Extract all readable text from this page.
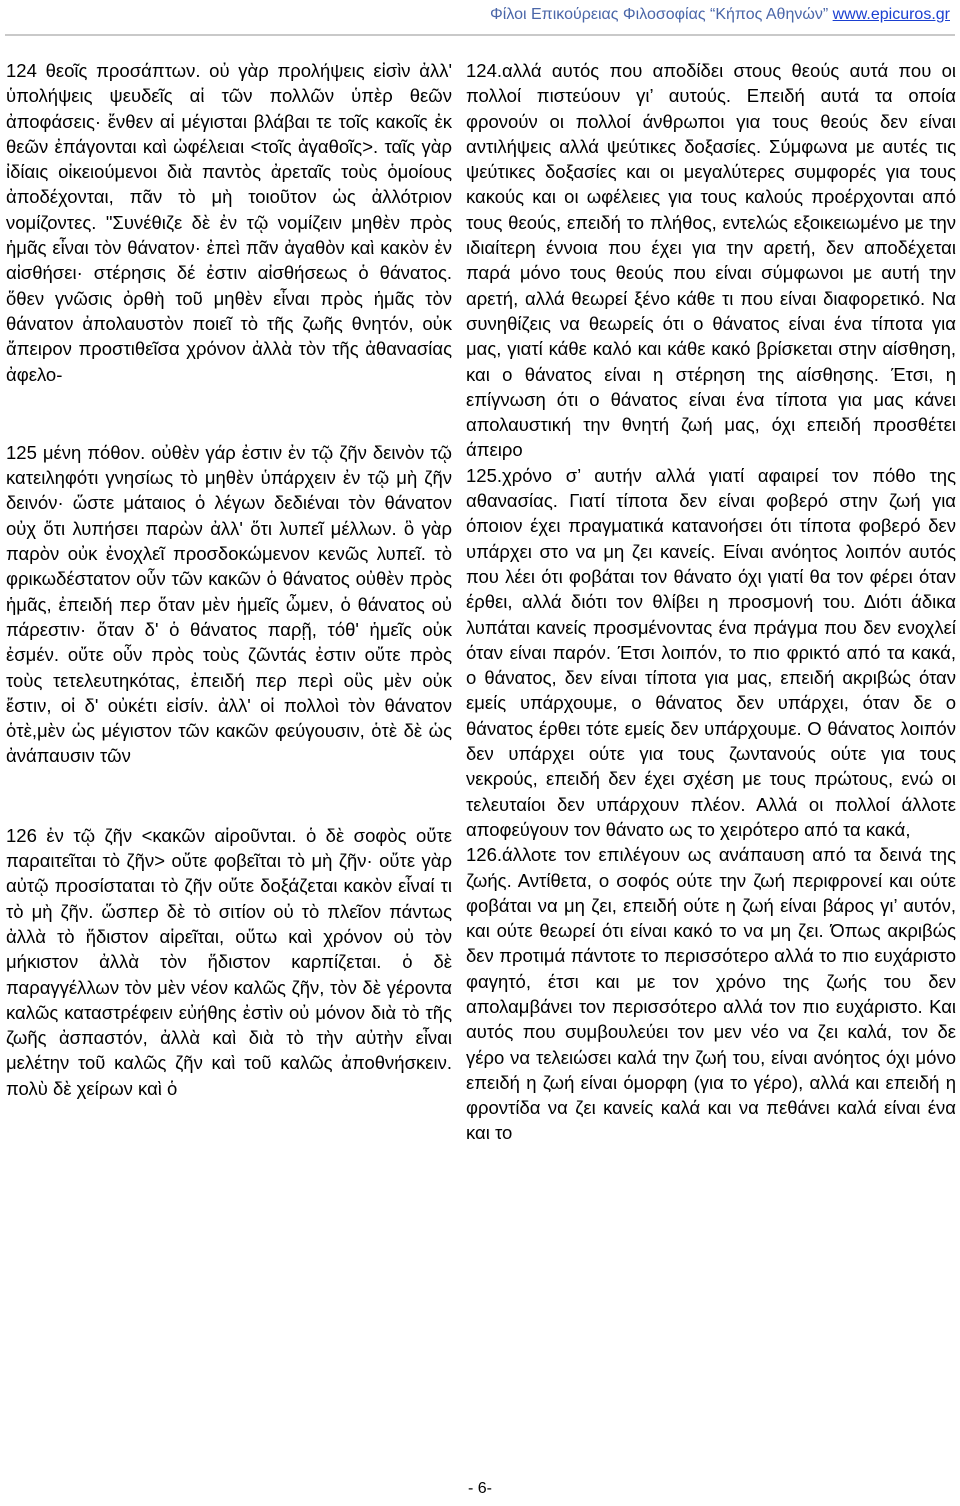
Φίλοι Επικούρειας Φιλοσοφίας “Κήπος Αθηνών” www.epicuros.gr

124 θεοῖς προσάπτων. οὐ γὰρ προλήψεις εἰσὶν ἀλλ' ὑπολήψεις ψευδεῖς αἱ τῶν πολλῶν ὑπὲρ θεῶν ἀποφάσεις· ἔνθεν αἱ μέγισται βλάβαι τε τοῖς κακοῖς ἐκ θεῶν ἐπάγονται καὶ ὠφέλειαι <τοῖς ἀγαθοῖς>. ταῖς γὰρ ἰδίαις οἰκειούμενοι διὰ παντὸς ἀρεταῖς τοὺς ὁμοίους ἀποδέχονται, πᾶν τὸ μὴ τοιοῦτον ὡς ἀλλότριον νομίζοντες. "Συνέθιζε δὲ ἐν τῷ νομίζειν μηθὲν πρὸς ἡμᾶς εἶναι τὸν θάνατον· ἐπεὶ πᾶν ἀγαθὸν καὶ κακὸν ἐν αἰσθήσει· στέρησις δέ ἐστιν αἰσθήσεως ὁ θάνατος. ὅθεν γνῶσις ὀρθὴ τοῦ μηθὲν εἶναι πρὸς ἡμᾶς τὸν θάνατον ἀπολαυστὸν ποιεῖ τὸ τῆς ζωῆς θνητόν, οὐκ ἄπειρον προστιθεῖσα χρόνον ἀλλὰ τὸν τῆς ἀθανασίας ἀφελο-

125 μένη πόθον. οὐθὲν γάρ ἐστιν ἐν τῷ ζῆν δεινὸν τῷ κατειληφότι γνησίως τὸ μηθὲν ὑπάρχειν ἐν τῷ μὴ ζῆν δεινόν· ὥστε μάταιος ὁ λέγων δεδιέναι τὸν θάνατον οὐχ ὅτι λυπήσει παρὼν ἀλλ' ὅτι λυπεῖ μέλλων. ὃ γὰρ παρὸν οὐκ ἐνοχλεῖ προσδοκώμενον κενῶς λυπεῖ. τὸ φρικωδέστατον οὖν τῶν κακῶν ὁ θάνατος οὐθὲν πρὸς ἡμᾶς, ἐπειδή περ ὅταν μὲν ἡμεῖς ὦμεν, ὁ θάνατος οὐ πάρεστιν· ὅταν δ' ὁ θάνατος παρῇ, τόθ' ἡμεῖς οὐκ ἐσμέν. οὔτε οὖν πρὸς τοὺς ζῶντάς ἐστιν οὔτε πρὸς τοὺς τετελευτηκότας, ἐπειδή περ περὶ οὓς μὲν οὐκ ἔστιν, οἱ δ' οὐκέτι εἰσίν. ἀλλ' οἱ πολλοὶ τὸν θάνατον ὁτὲ,μὲν ὡς μέγιστον τῶν κακῶν φεύγουσιν, ὁτὲ δὲ ὡς ἀνάπαυσιν τῶν

126 ἐν τῷ ζῆν <κακῶν αἱροῦνται. ὁ δὲ σοφὸς οὔτε παραιτεῖται τὸ ζῆν> οὔτε φοβεῖται τὸ μὴ ζῆν· οὔτε γὰρ αὐτῷ προσίσταται τὸ ζῆν οὔτε δοξάζεται κακὸν εἶναί τι τὸ μὴ ζῆν. ὥσπερ δὲ τὸ σιτίον οὐ τὸ πλεῖον πάντως ἀλλὰ τὸ ἥδιστον αἱρεῖται, οὕτω καὶ χρόνον οὐ τὸν μήκιστον ἀλλὰ τὸν ἥδιστον καρπίζεται. ὁ δὲ παραγγέλλων τὸν μὲν νέον καλῶς ζῆν, τὸν δὲ γέροντα καλῶς καταστρέφειν εὐήθης ἐστὶν οὐ μόνον διὰ τὸ τῆς ζωῆς ἀσπαστόν, ἀλλὰ καὶ διὰ τὸ τὴν αὐτὴν εἶναι μελέτην τοῦ καλῶς ζῆν καὶ τοῦ καλῶς ἀποθνήσκειν. πολὺ δὲ χείρων καὶ ὁ

124.αλλά αυτός που αποδίδει στους θεούς αυτά που οι πολλοί πιστεύουν γι’ αυτούς. Επειδή αυτά τα οποία φρονούν οι πολλοί άνθρωποι για τους θεούς δεν είναι αντιλήψεις αλλά ψεύτικες δοξασίες. Σύμφωνα με αυτές τις ψεύτικες δοξασίες και οι μεγαλύτερες συμφορές για τους κακούς και οι ωφέλειες για τους καλούς προέρχονται από τους θεούς, επειδή το πλήθος, εντελώς εξοικειωμένο με την ιδιαίτερη έννοια που έχει για την αρετή, δεν αποδέχεται παρά μόνο τους θεούς που είναι σύμφωνοι με αυτή την αρετή, αλλά θεωρεί ξένο κάθε τι που είναι διαφορετικό. Να συνηθίζεις να θεωρείς ότι ο θάνατος είναι ένα τίποτα για μας, γιατί κάθε καλό και κάθε κακό βρίσκεται στην αίσθηση, και ο θάνατος είναι η στέρηση της αίσθησης. Έτσι, η επίγνωση ότι ο θάνατος είναι ένα τίποτα για μας κάνει απολαυστική την θνητή ζωή μας, όχι επειδή προσθέτει άπειρο

125.χρόνο σ’ αυτήν αλλά γιατί αφαιρεί τον πόθο της αθανασίας. Γιατί τίποτα δεν είναι φοβερό στην ζωή για όποιον έχει πραγματικά κατανοήσει ότι τίποτα φοβερό δεν υπάρχει στο να μη ζει κανείς. Είναι ανόητος λοιπόν αυτός που λέει ότι φοβάται τον θάνατο όχι γιατί θα τον φέρει όταν έρθει, αλλά διότι τον θλίβει η προσμονή του. Διότι άδικα λυπάται κανείς προσμένοντας ένα πράγμα που δεν ενοχλεί όταν είναι παρόν. Έτσι λοιπόν, το πιο φρικτό από τα κακά, ο θάνατος, δεν είναι τίποτα για μας, επειδή ακριβώς όταν εμείς υπάρχουμε, ο θάνατος δεν υπάρχει, όταν δε ο θάνατος έρθει τότε εμείς δεν υπάρχουμε. Ο θάνατος λοιπόν δεν υπάρχει ούτε για τους ζωντανούς ούτε για τους νεκρούς, επειδή δεν έχει σχέση με τους πρώτους, ενώ οι τελευταίοι δεν υπάρχουν πλέον. Αλλά οι πολλοί άλλοτε αποφεύγουν τον θάνατο ως το χειρότερο από τα κακά,

126.άλλοτε τον επιλέγουν ως ανάπαυση από τα δεινά της ζωής. Αντίθετα, ο σοφός ούτε την ζωή περιφρονεί και ούτε φοβάται να μη ζει, επειδή ούτε η ζωή είναι βάρος γι’ αυτόν, και ούτε θεωρεί ότι είναι κακό το να μη ζει. Όπως ακριβώς δεν προτιμά πάντοτε το περισσότερο αλλά το πιο ευχάριστο φαγητό, έτσι και με τον χρόνο της ζωής του δεν απολαμβάνει τον περισσότερο αλλά τον πιο ευχάριστο. Και αυτός που συμβουλεύει τον μεν νέο να ζει καλά, τον δε γέρο να τελειώσει καλά την ζωή του, είναι ανόητος όχι μόνο επειδή η ζωή είναι όμορφη (για το γέρο), αλλά και επειδή η φροντίδα να ζει κανείς καλά και να πεθάνει καλά είναι ένα και το

- 6-
